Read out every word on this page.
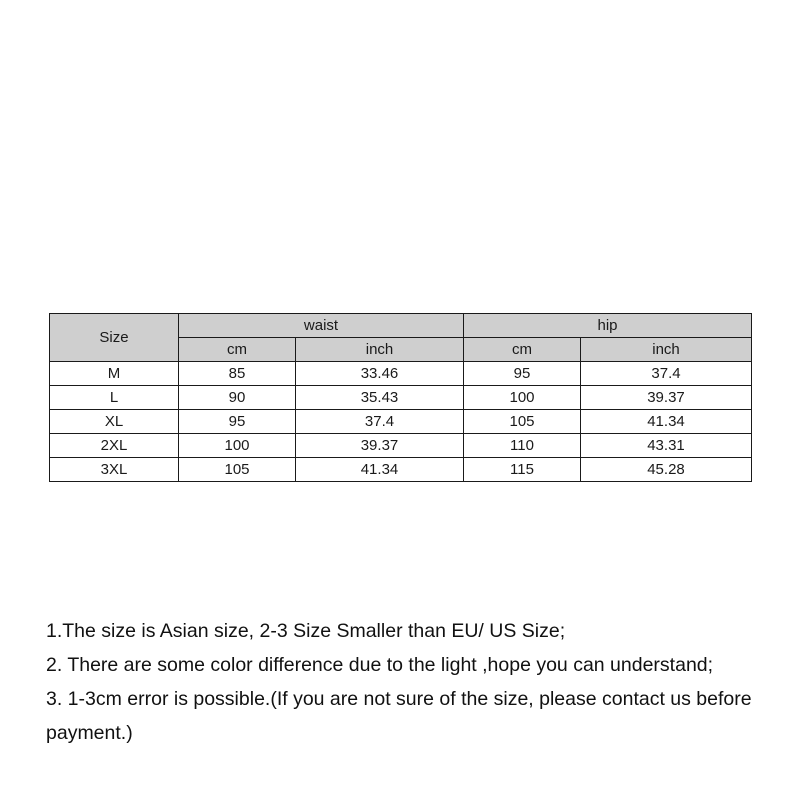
Size	waist		hip	
	cm	inch	cm	inch
M	85	33.46	95	37.4
L	90	35.43	100	39.37
XL	95	37.4	105	41.34
2XL	100	39.37	110	43.31
3XL	105	41.34	115	45.28

1.The size is Asian size, 2-3 Size Smaller than EU/ US Size;

2. There are some color difference due to the light ,hope you can understand;

3. 1-3cm error is possible.(If you are not sure of the size, please contact us before payment.)
